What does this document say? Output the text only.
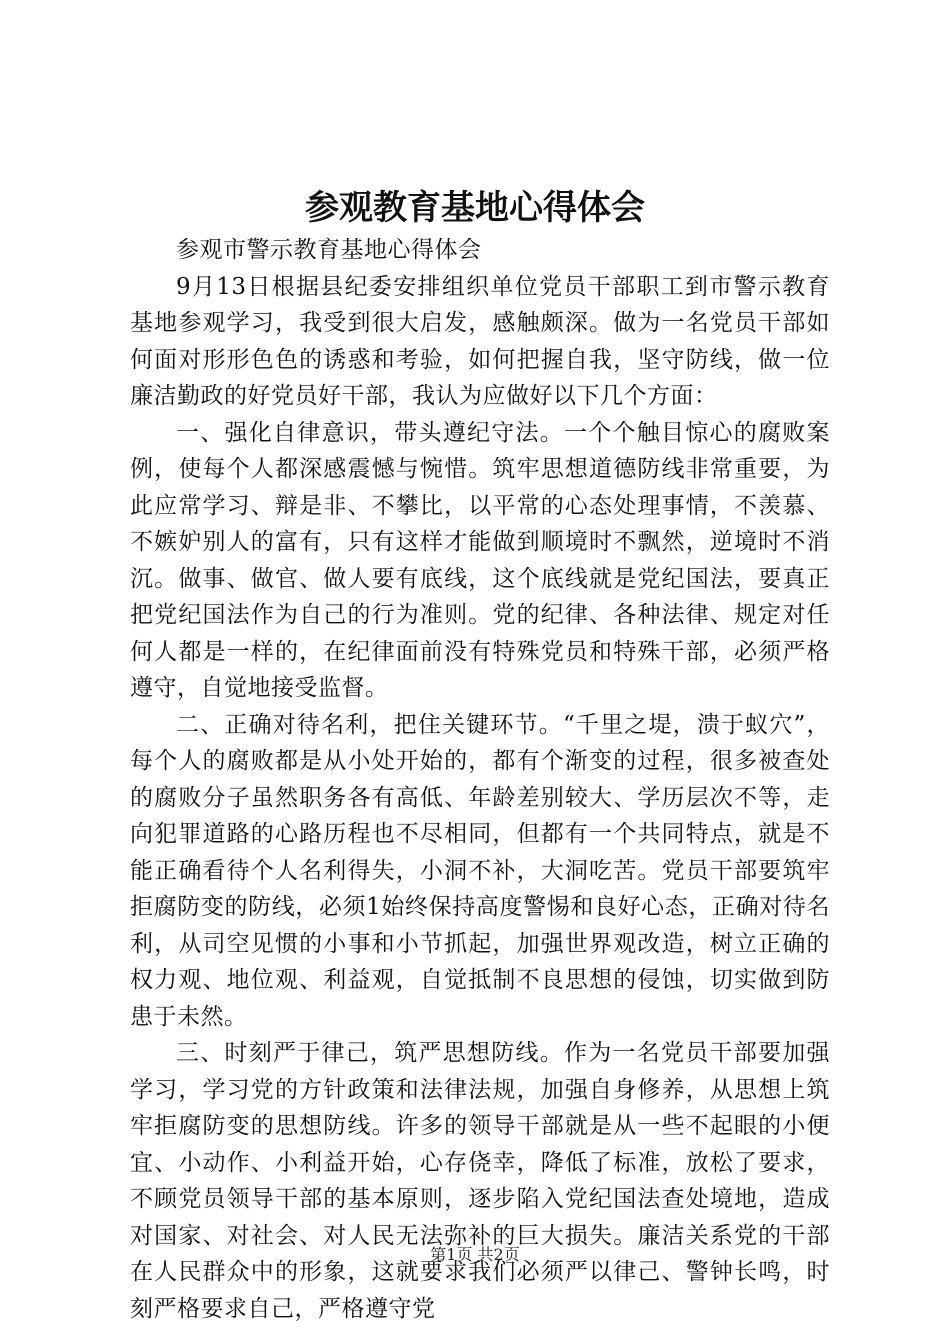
参观教育基地心得体会

参观市警示教育基地心得体会

9月13日根据县纪委安排组织单位党员干部职工到市警示教育基地参观学习，我受到很大启发，感触颇深。做为一名党员干部如何面对形形色色的诱惑和考验，如何把握自我，坚守防线，做一位廉洁勤政的好党员好干部，我认为应做好以下几个方面：

一、强化自律意识，带头遵纪守法。一个个触目惊心的腐败案例，使每个人都深感震憾与惋惜。筑牢思想道德防线非常重要，为此应常学习、辩是非、不攀比，以平常的心态处理事情，不羡慕、不嫉妒别人的富有，只有这样才能做到顺境时不飘然，逆境时不消沉。做事、做官、做人要有底线，这个底线就是党纪国法，要真正把党纪国法作为自己的行为准则。党的纪律、各种法律、规定对任何人都是一样的，在纪律面前没有特殊党员和特殊干部，必须严格遵守，自觉地接受监督。

二、正确对待名利，把住关键环节。“千里之堤，溃于蚁穴”，每个人的腐败都是从小处开始的，都有个渐变的过程，很多被查处的腐败分子虽然职务各有高低、年龄差别较大、学历层次不等，走向犯罪道路的心路历程也不尽相同，但都有一个共同特点，就是不能正确看待个人名利得失，小洞不补，大洞吃苦。党员干部要筑牢拒腐防变的防线，必须1始终保持高度警惕和良好心态，正确对待名利，从司空见惯的小事和小节抓起，加强世界观改造，树立正确的权力观、地位观、利益观，自觉抵制不良思想的侵蚀，切实做到防患于未然。

三、时刻严于律己，筑严思想防线。作为一名党员干部要加强学习，学习党的方针政策和法律法规，加强自身修养，从思想上筑牢拒腐防变的思想防线。许多的领导干部就是从一些不起眼的小便宜、小动作、小利益开始，心存侥幸，降低了标准，放松了要求，不顾党员领导干部的基本原则，逐步陷入党纪国法查处境地，造成对国家、对社会、对人民无法弥补的巨大损失。廉洁关系党的干部在人民群众中的形象，这就要求我们必须严以律己、警钟长鸣，时刻严格要求自己，严格遵守党

第1页 共2页
